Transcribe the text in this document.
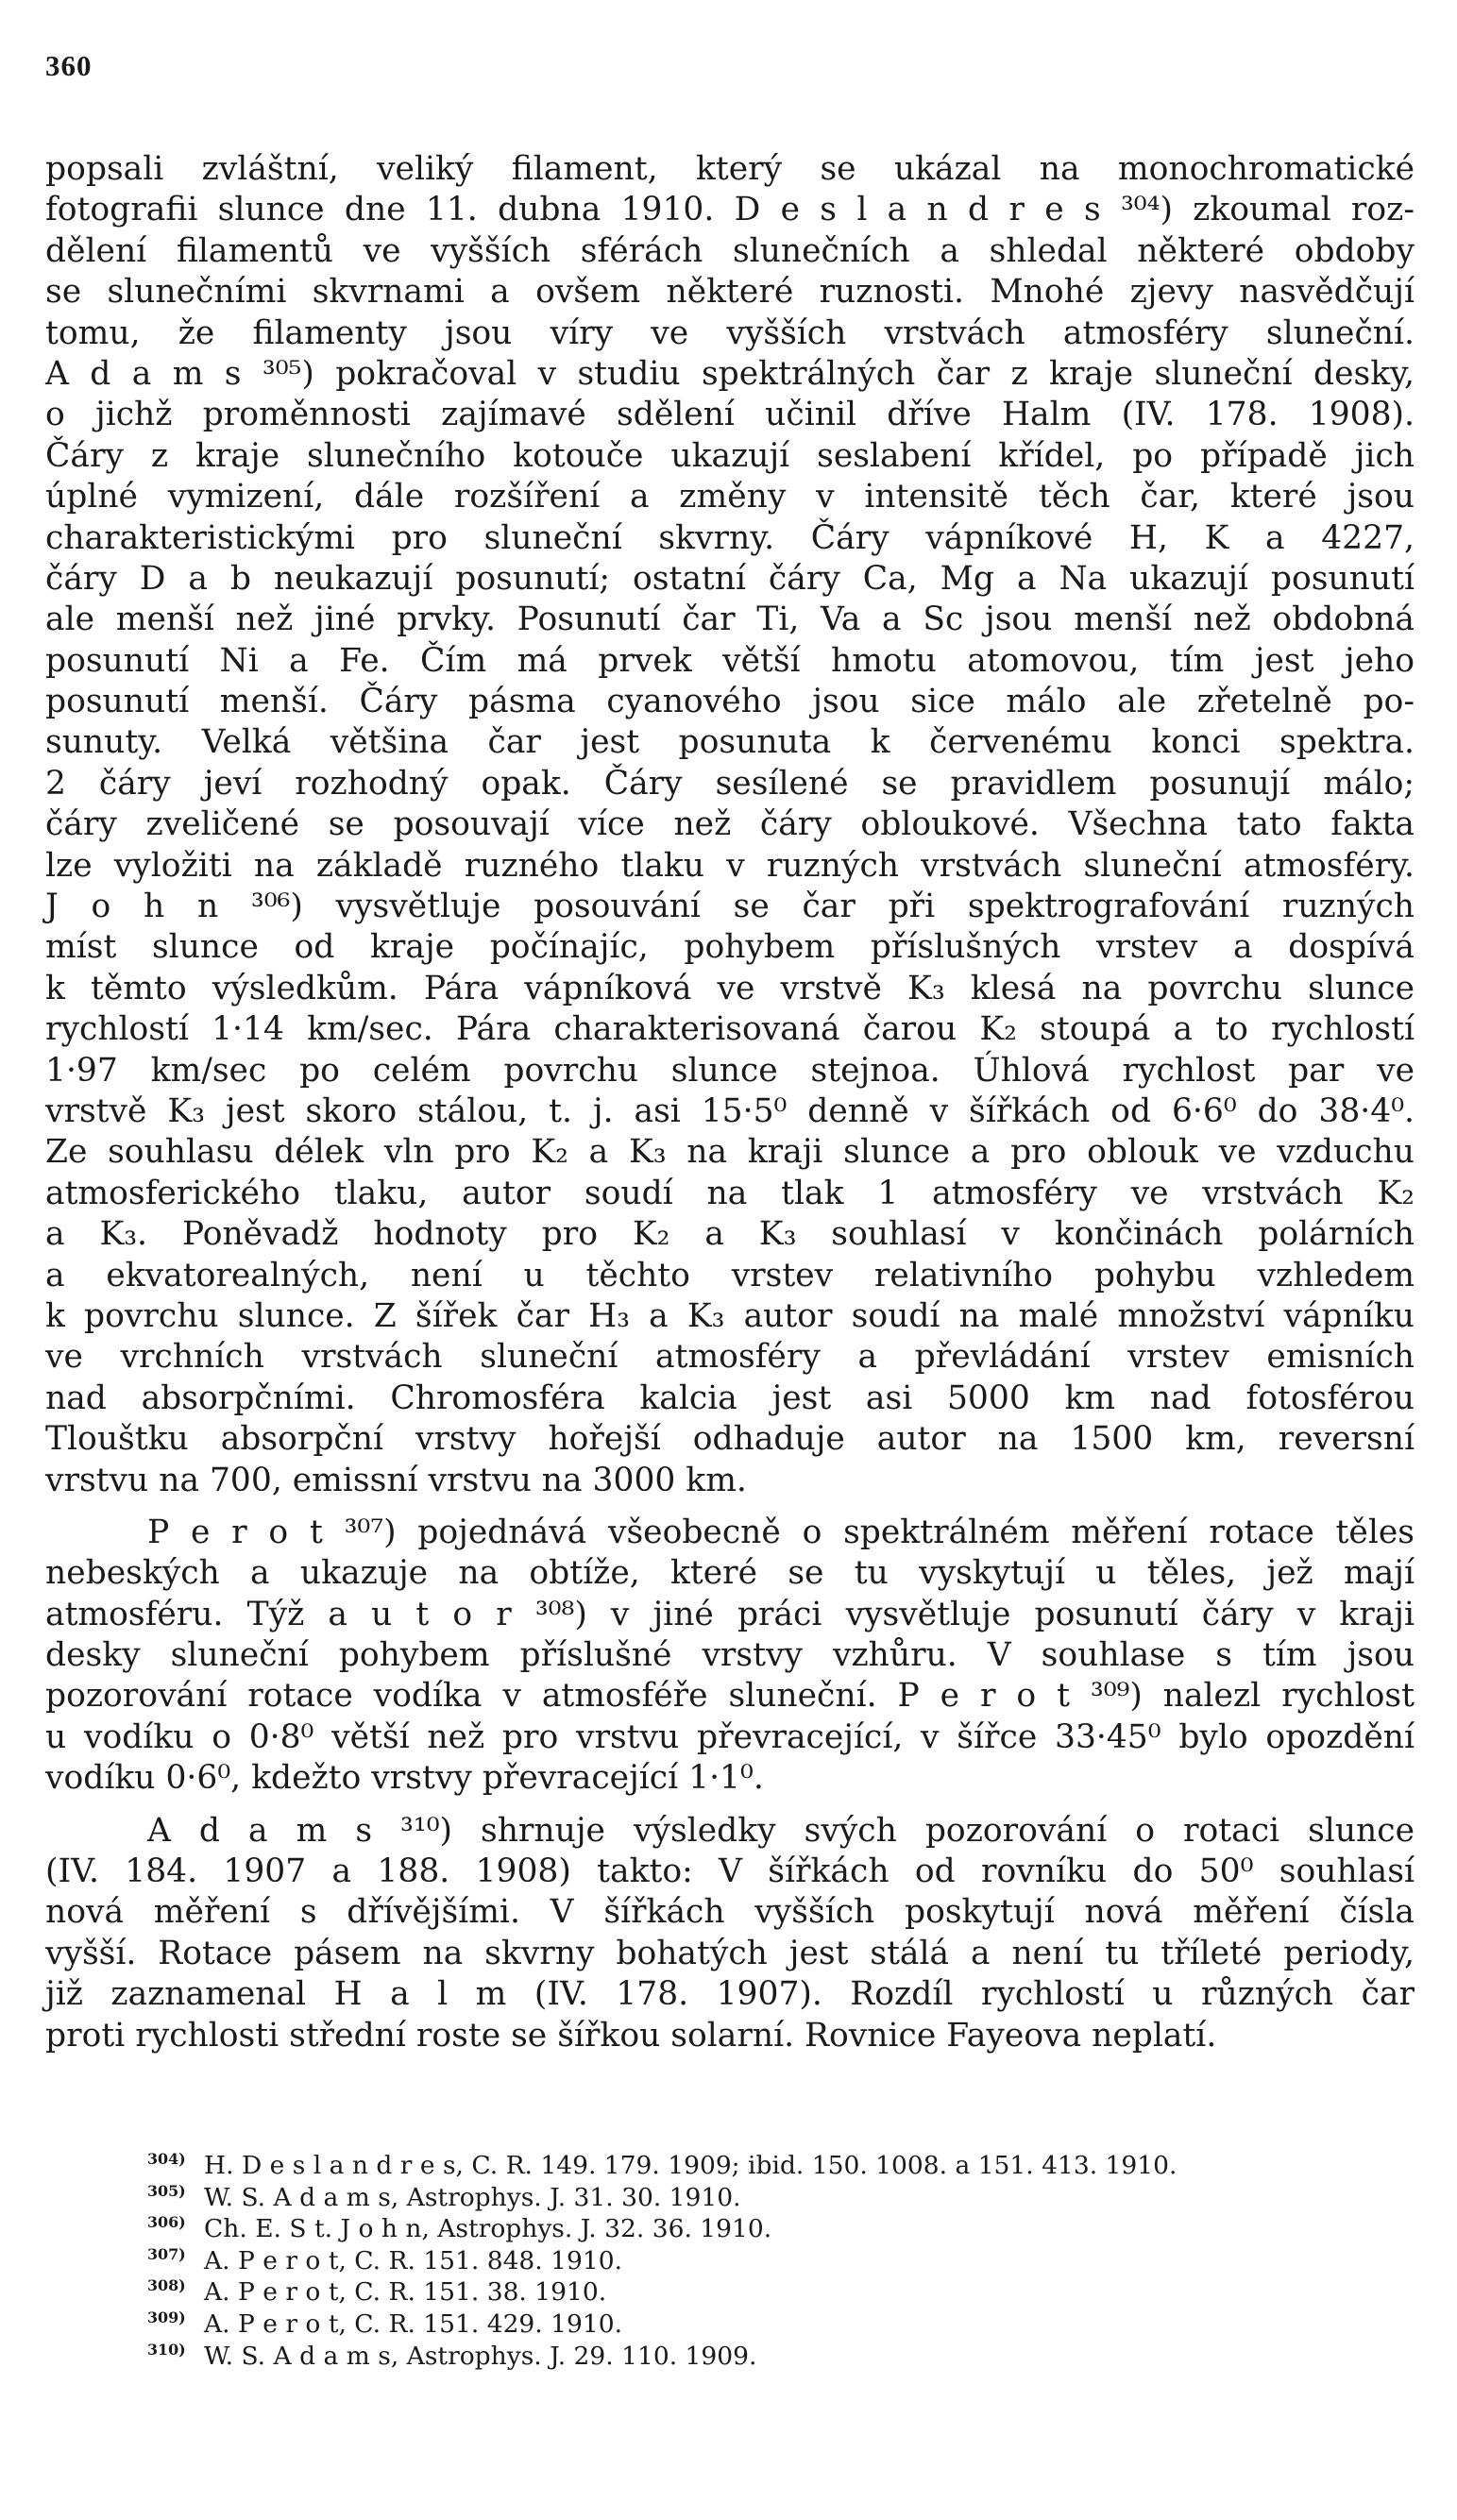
360
popsali zvláštní, veliký filament, který se ukázal na monochromatické
fotografii slunce dne 11. dubna 1910. D e s l a n d r e s ³⁰⁴) zkoumal roz-
dělení filamentů ve vyšších sférách slunečních a shledal některé obdoby
se slunečními skvrnami a ovšem některé ruznosti. Mnohé zjevy nasvědčují
tomu, že filamenty jsou víry ve vyšších vrstvách atmosféry sluneční.
A d a m s ³⁰⁵) pokračoval v studiu spektrálných čar z kraje sluneční desky,
o jichž proměnnosti zajímavé sdělení učinil dříve Halm (IV. 178. 1908).
Čáry z kraje slunečního kotouče ukazují seslabení křídel, po případě jich
úplné vymizení, dále rozšíření a změny v intensitě těch čar, které jsou
charakteristickými pro sluneční skvrny. Čáry vápníkové H, K a 4227,
čáry D a b neukazují posunutí; ostatní čáry Ca, Mg a Na ukazují posunutí
ale menší než jiné prvky. Posunutí čar Ti, Va a Sc jsou menší než obdobná
posunutí Ni a Fe. Čím má prvek větší hmotu atomovou, tím jest jeho
posunutí menší. Čáry pásma cyanového jsou sice málo ale zřetelně po-
sunuty. Velká většina čar jest posunuta k červenému konci spektra.
2 čáry jeví rozhodný opak. Čáry sesílené se pravidlem posunují málo;
čáry zveličené se posouvají více než čáry obloukové. Všechna tato fakta
lze vyložiti na základě ruzného tlaku v ruzných vrstvách sluneční atmosféry.
J o h n ³⁰⁶) vysvětluje posouvání se čar při spektrografování ruzných
míst slunce od kraje počínajíc, pohybem příslušných vrstev a dospívá
k těmto výsledkům. Pára vápníková ve vrstvě K₃ klesá na povrchu slunce
rychlostí 1·14 km/sec. Pára charakterisovaná čarou K₂ stoupá a to rychlostí
1·97 km/sec po celém povrchu slunce stejnoa. Úhlová rychlost par ve
vrstvě K₃ jest skoro stálou, t. j. asi 15·5⁰ denně v šířkách od 6·6⁰ do 38·4⁰.
Ze souhlasu délek vln pro K₂ a K₃ na kraji slunce a pro oblouk ve vzduchu
atmosferického tlaku, autor soudí na tlak 1 atmosféry ve vrstvách K₂
a K₃. Poněvadž hodnoty pro K₂ a K₃ souhlasí v končinách polárních
a ekvatorealných, není u těchto vrstev relativního pohybu vzhledem
k povrchu slunce. Z šířek čar H₃ a K₃ autor soudí na malé množství vápníku
ve vrchních vrstvách sluneční atmosféry a převládání vrstev emisních
nad absorpčními. Chromosféra kalcia jest asi 5000 km nad fotosférou
Tlouštku absorpční vrstvy hořejší odhaduje autor na 1500 km, reversní
vrstvu na 700, emissní vrstvu na 3000 km.
P e r o t ³⁰⁷) pojednává všeobecně o spektrálném měření rotace těles
nebeských a ukazuje na obtíže, které se tu vyskytují u těles, jež mají
atmosféru. Týž a u t o r ³⁰⁸) v jiné práci vysvětluje posunutí čáry v kraji
desky sluneční pohybem příslušné vrstvy vzhůru. V souhlase s tím jsou
pozorování rotace vodíka v atmosféře sluneční. P e r o t ³⁰⁹) nalezl rychlost
u vodíku o 0·8⁰ větší než pro vrstvu převracející, v šířce 33·45⁰ bylo opozdění
vodíku 0·6⁰, kdežto vrstvy převracející 1·1⁰.
A d a m s ³¹⁰) shrnuje výsledky svých pozorování o rotaci slunce
(IV. 184. 1907 a 188. 1908) takto: V šířkách od rovníku do 50⁰ souhlasí
nová měření s dřívějšími. V šířkách vyšších poskytují nová měření čísla
vyšší. Rotace pásem na skvrny bohatých jest stálá a není tu tříleté periody,
již zaznamenal H a l m (IV. 178. 1907). Rozdíl rychlostí u různých čar
proti rychlosti střední roste se šířkou solarní. Rovnice Fayeova neplatí.
304) H. D e s l a n d r e s, C. R. 149. 179. 1909; ibid. 150. 1008. a 151. 413. 1910.
305) W. S. A d a m s, Astrophys. J. 31. 30. 1910.
306) Ch. E. S t. J o h n, Astrophys. J. 32. 36. 1910.
307) A. P e r o t, C. R. 151. 848. 1910.
308) A. P e r o t, C. R. 151. 38. 1910.
309) A. P e r o t, C. R. 151. 429. 1910.
310) W. S. A d a m s, Astrophys. J. 29. 110. 1909.
